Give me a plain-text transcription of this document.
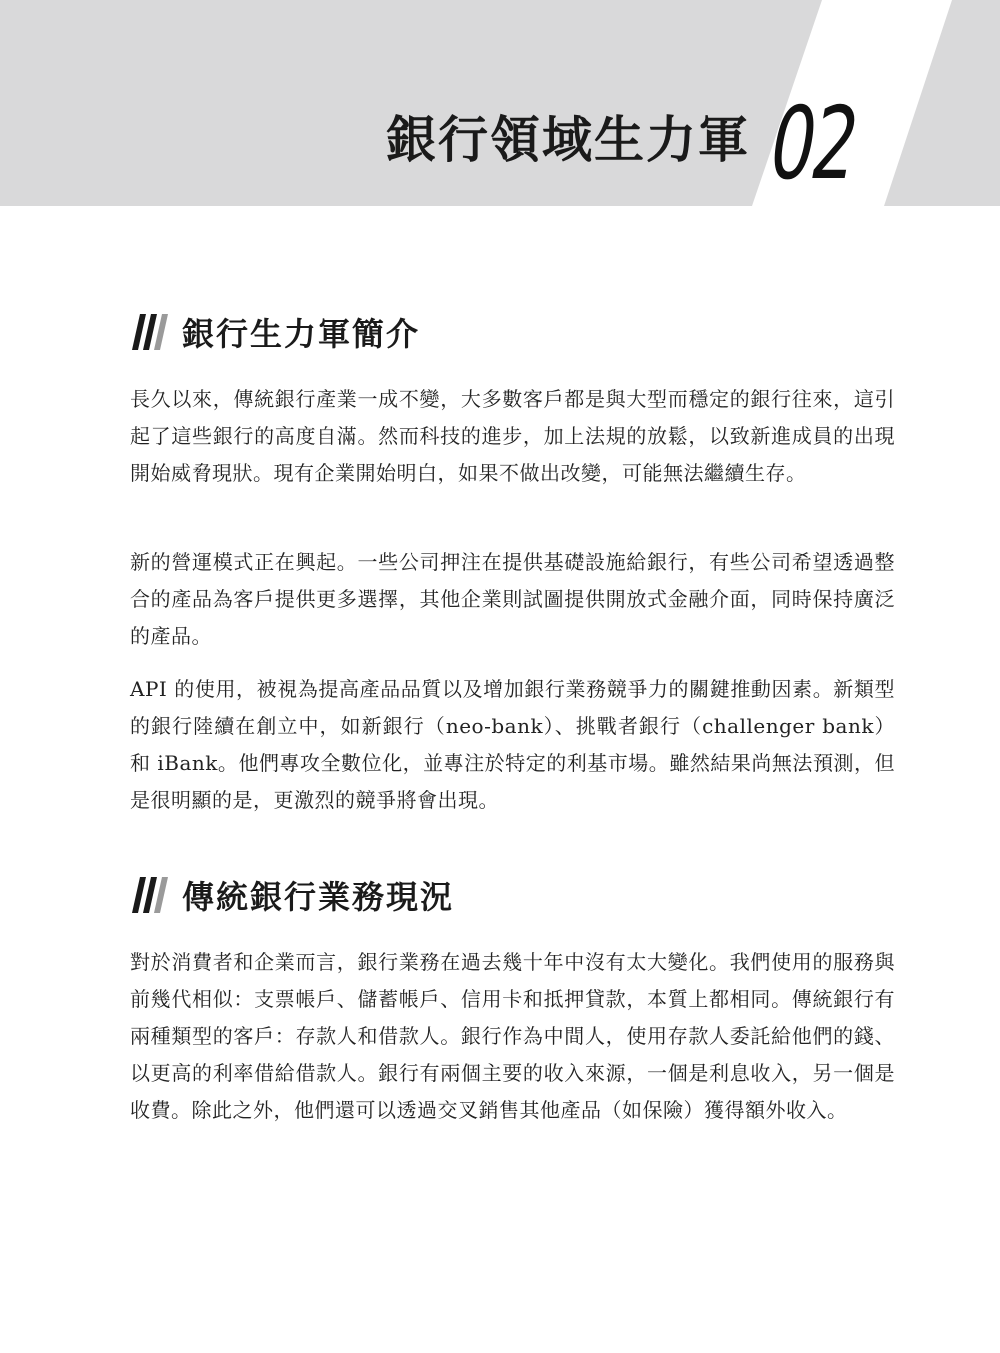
銀行領域生力軍 02
銀行生力軍簡介

長久以來，傳統銀行產業一成不變，大多數客戶都是與大型而穩定的銀行往來，這引起了這些銀行的高度自滿。然而科技的進步，加上法規的放鬆，以致新進成員的出現開始威脅現狀。現有企業開始明白，如果不做出改變，可能無法繼續生存。

新的營運模式正在興起。一些公司押注在提供基礎設施給銀行，有些公司希望透過整合的產品為客戶提供更多選擇，其他企業則試圖提供開放式金融介面，同時保持廣泛的產品。

API 的使用，被視為提高產品品質以及增加銀行業務競爭力的關鍵推動因素。新類型的銀行陸續在創立中，如新銀行（neo-bank）、挑戰者銀行（challenger bank）和 iBank。他們專攻全數位化，並專注於特定的利基市場。雖然結果尚無法預測，但是很明顯的是，更激烈的競爭將會出現。

傳統銀行業務現況

對於消費者和企業而言，銀行業務在過去幾十年中沒有太大變化。我們使用的服務與前幾代相似：支票帳戶、儲蓄帳戶、信用卡和抵押貸款，本質上都相同。傳統銀行有兩種類型的客戶：存款人和借款人。銀行作為中間人，使用存款人委託給他們的錢、以更高的利率借給借款人。銀行有兩個主要的收入來源，一個是利息收入，另一個是收費。除此之外，他們還可以透過交叉銷售其他產品（如保險）獲得額外收入。
